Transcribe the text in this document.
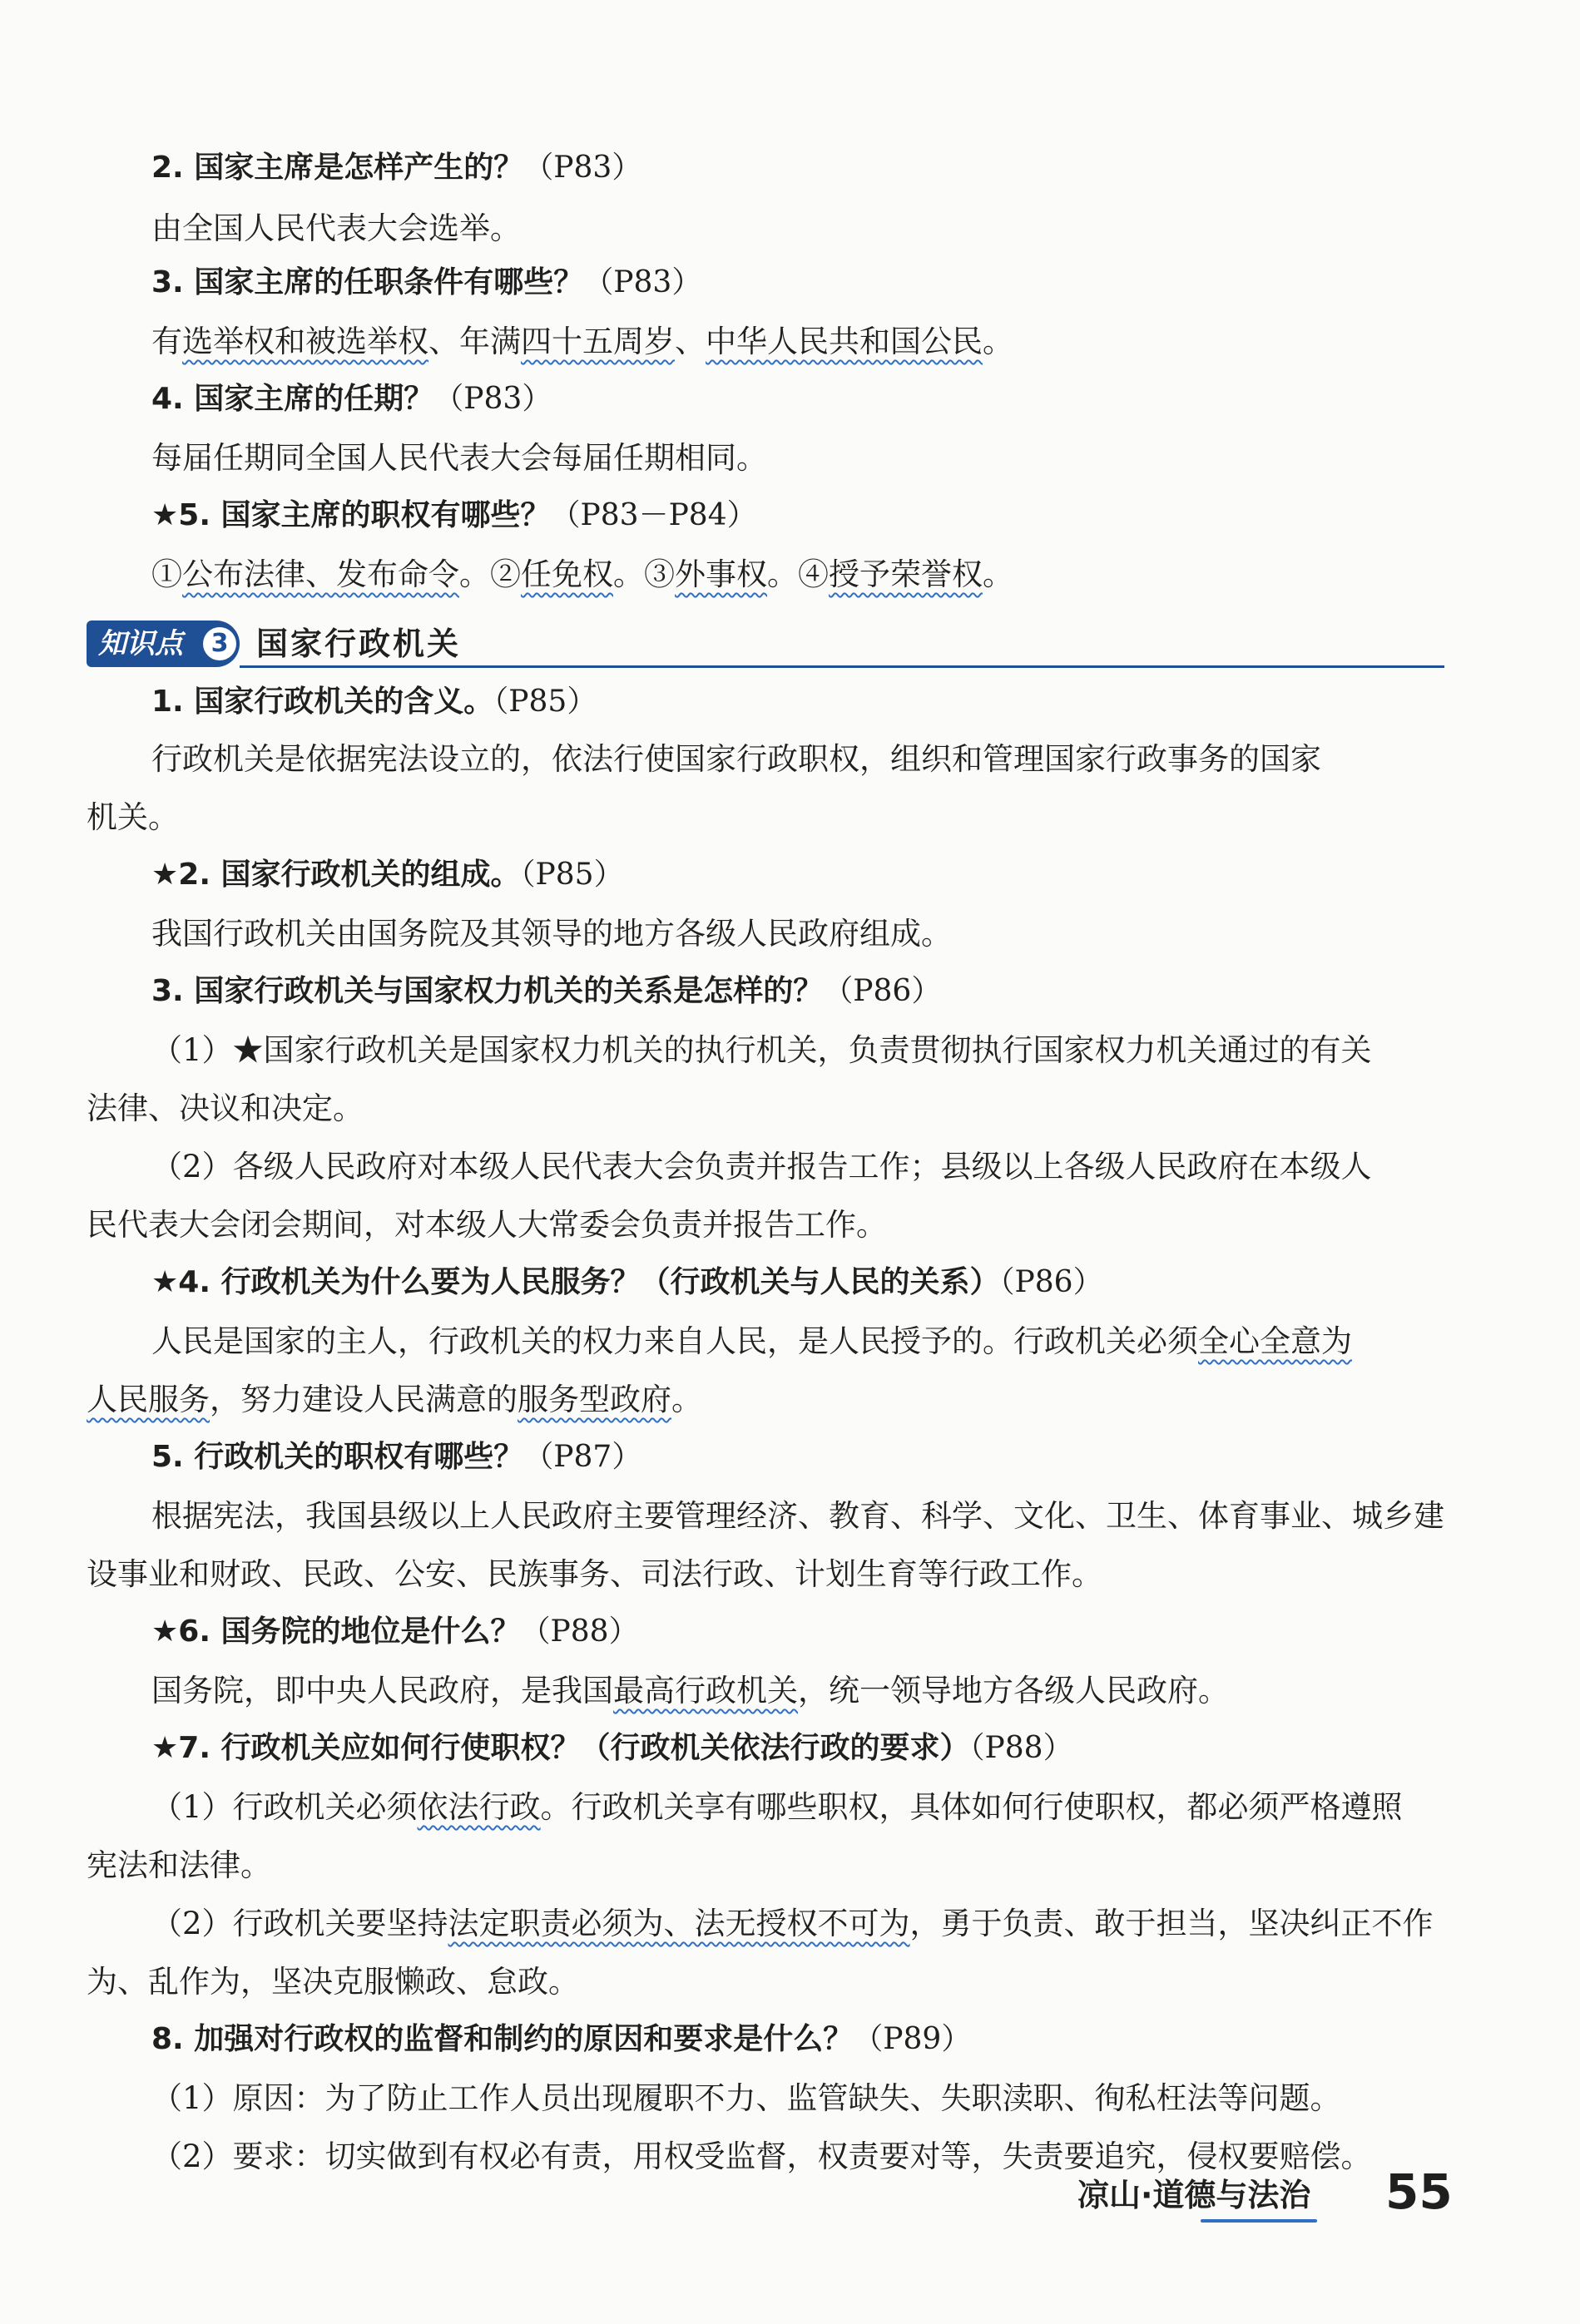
2. 国家主席是怎样产生的？（P83）
由全国人民代表大会选举。
3. 国家主席的任职条件有哪些？（P83）
有选举权和被选举权、年满四十五周岁、中华人民共和国公民。
4. 国家主席的任期？（P83）
每届任期同全国人民代表大会每届任期相同。
★5. 国家主席的职权有哪些？（P83－P84）
①公布法律、发布命令。②任免权。③外事权。④授予荣誉权。
知识点	3 国家行政机关
1. 国家行政机关的含义。（P85）
行政机关是依据宪法设立的，依法行使国家行政职权，组织和管理国家行政事务的国家
机关。
★2. 国家行政机关的组成。（P85）
我国行政机关由国务院及其领导的地方各级人民政府组成。
3. 国家行政机关与国家权力机关的关系是怎样的？（P86）
（1）★国家行政机关是国家权力机关的执行机关，负责贯彻执行国家权力机关通过的有关
法律、决议和决定。
（2）各级人民政府对本级人民代表大会负责并报告工作；县级以上各级人民政府在本级人
民代表大会闭会期间，对本级人大常委会负责并报告工作。
★4. 行政机关为什么要为人民服务？（行政机关与人民的关系）（P86）
人民是国家的主人，行政机关的权力来自人民，是人民授予的。行政机关必须全心全意为
人民服务，努力建设人民满意的服务型政府。
5. 行政机关的职权有哪些？（P87）
根据宪法，我国县级以上人民政府主要管理经济、教育、科学、文化、卫生、体育事业、城乡建
设事业和财政、民政、公安、民族事务、司法行政、计划生育等行政工作。
★6. 国务院的地位是什么？（P88）
国务院，即中央人民政府，是我国最高行政机关，统一领导地方各级人民政府。
★7. 行政机关应如何行使职权？（行政机关依法行政的要求）（P88）
（1）行政机关必须依法行政。行政机关享有哪些职权，具体如何行使职权，都必须严格遵照
宪法和法律。
（2）行政机关要坚持法定职责必须为、法无授权不可为，勇于负责、敢于担当，坚决纠正不作
为、乱作为，坚决克服懒政、怠政。
8. 加强对行政权的监督和制约的原因和要求是什么？（P89）
（1）原因：为了防止工作人员出现履职不力、监管缺失、失职渎职、徇私枉法等问题。
（2）要求：切实做到有权必有责，用权受监督，权责要对等，失责要追究，侵权要赔偿。
凉山·道德与法治 55
